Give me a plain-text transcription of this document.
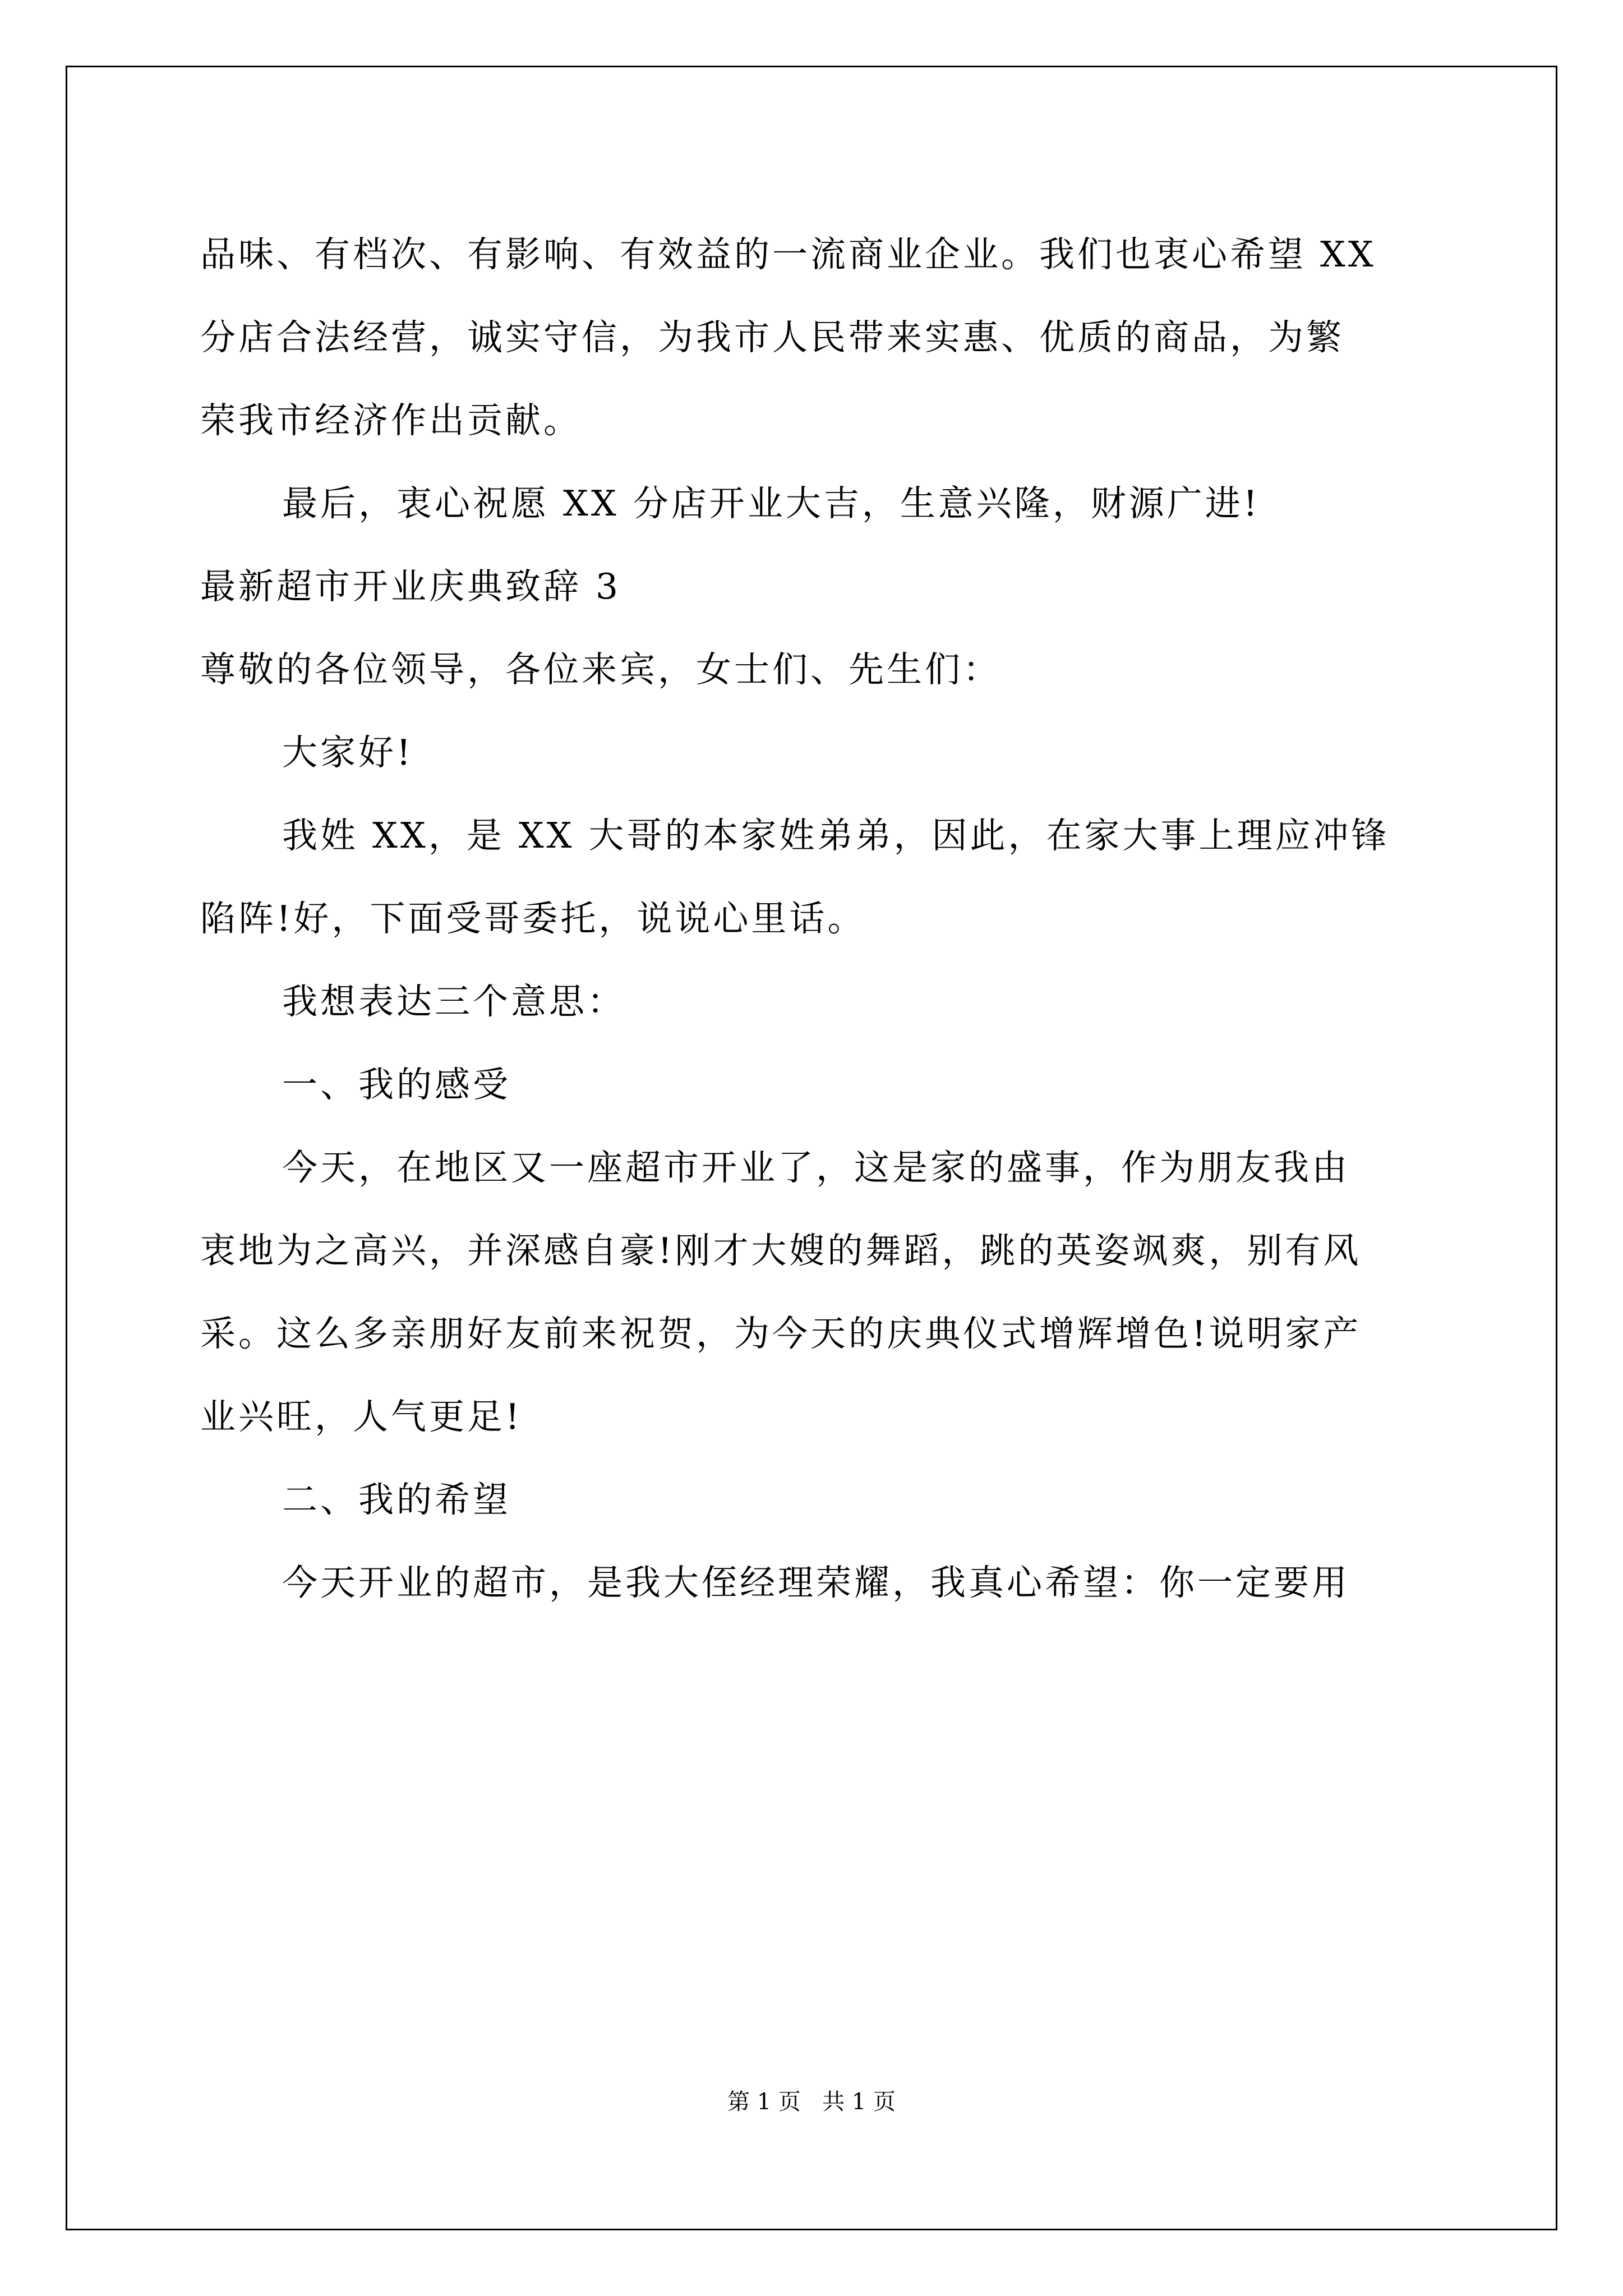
品味、有档次、有影响、有效益的一流商业企业。我们也衷心希望 XX
分店合法经营，诚实守信，为我市人民带来实惠、优质的商品，为繁
荣我市经济作出贡献。
最后，衷心祝愿 XX 分店开业大吉，生意兴隆，财源广进!
最新超市开业庆典致辞 3
尊敬的各位领导，各位来宾，女士们、先生们：
大家好!
我姓 XX，是 XX 大哥的本家姓弟弟，因此，在家大事上理应冲锋
陷阵!好，下面受哥委托，说说心里话。
我想表达三个意思：
一、我的感受
今天，在地区又一座超市开业了，这是家的盛事，作为朋友我由
衷地为之高兴，并深感自豪!刚才大嫂的舞蹈，跳的英姿飒爽，别有风
采。这么多亲朋好友前来祝贺，为今天的庆典仪式增辉增色!说明家产
业兴旺，人气更足!
二、我的希望
今天开业的超市，是我大侄经理荣耀，我真心希望：你一定要用
第 1 页   共 1 页
